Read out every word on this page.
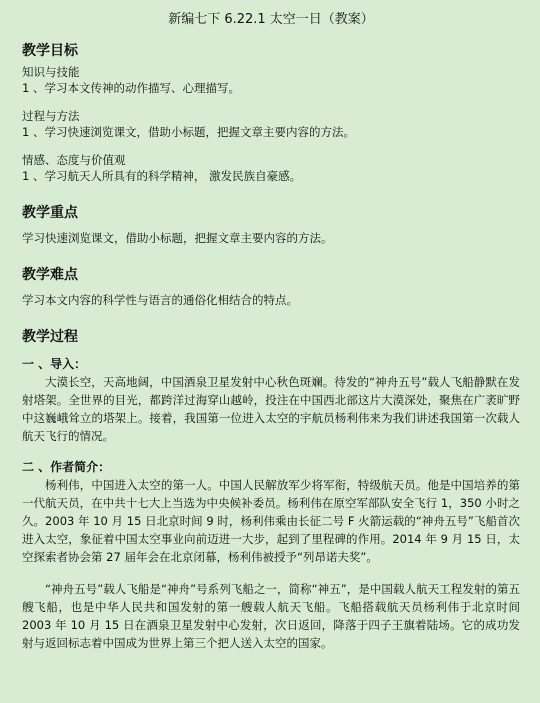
新编七下 6.22.1 太空一日（教案）

教学目标

知识与技能

1 、学习本文传神的动作描写、心理描写。

过程与方法

1 、学习快速浏览课文，借助小标题，把握文章主要内容的方法。

情感、态度与价值观

1 、学习航天人所具有的科学精神， 激发民族自豪感。

教学重点

学习快速浏览课文，借助小标题，把握文章主要内容的方法。

教学难点

学习本文内容的科学性与语言的通俗化相结合的特点。

教学过程

一 、导入：

大漠长空，天高地阔，中国酒泉卫星发射中心秋色斑斓。待发的“神舟五号”载人飞船静默在发射塔架。全世界的目光，都跨洋过海穿山越岭，投注在中国西北部这片大漠深处，聚焦在广袤旷野中这巍峨耸立的塔架上。接着，我国第一位进入太空的宇航员杨利伟来为我们讲述我国第一次载人航天飞行的情况。

二 、作者简介：

杨利伟，中国进入太空的第一人。中国人民解放军少将军衔，特级航天员。他是中国培养的第一代航天员，在中共十七大上当选为中央候补委员。杨利伟在原空军部队安全飞行 1，350 小时之久。2003 年 10 月 15 日北京时间 9 时，杨利伟乘由长征二号 F 火箭运载的“神舟五号”飞船首次进入太空，象征着中国太空事业向前迈进一大步，起到了里程碑的作用。2014 年 9 月 15 日，太空探索者协会第 27 届年会在北京闭幕，杨利伟被授予“列昂诺夫奖”。

“神舟五号”载人飞船是“神舟”号系列飞船之一，简称“神五”，是中国载人航天工程发射的第五艘飞船，也是中华人民共和国发射的第一艘载人航天飞船。飞船搭载航天员杨利伟于北京时间 2003 年 10 月 15 日在酒泉卫星发射中心发射，次日返回，降落于四子王旗着陆场。它的成功发射与返回标志着中国成为世界上第三个把人送入太空的国家。
